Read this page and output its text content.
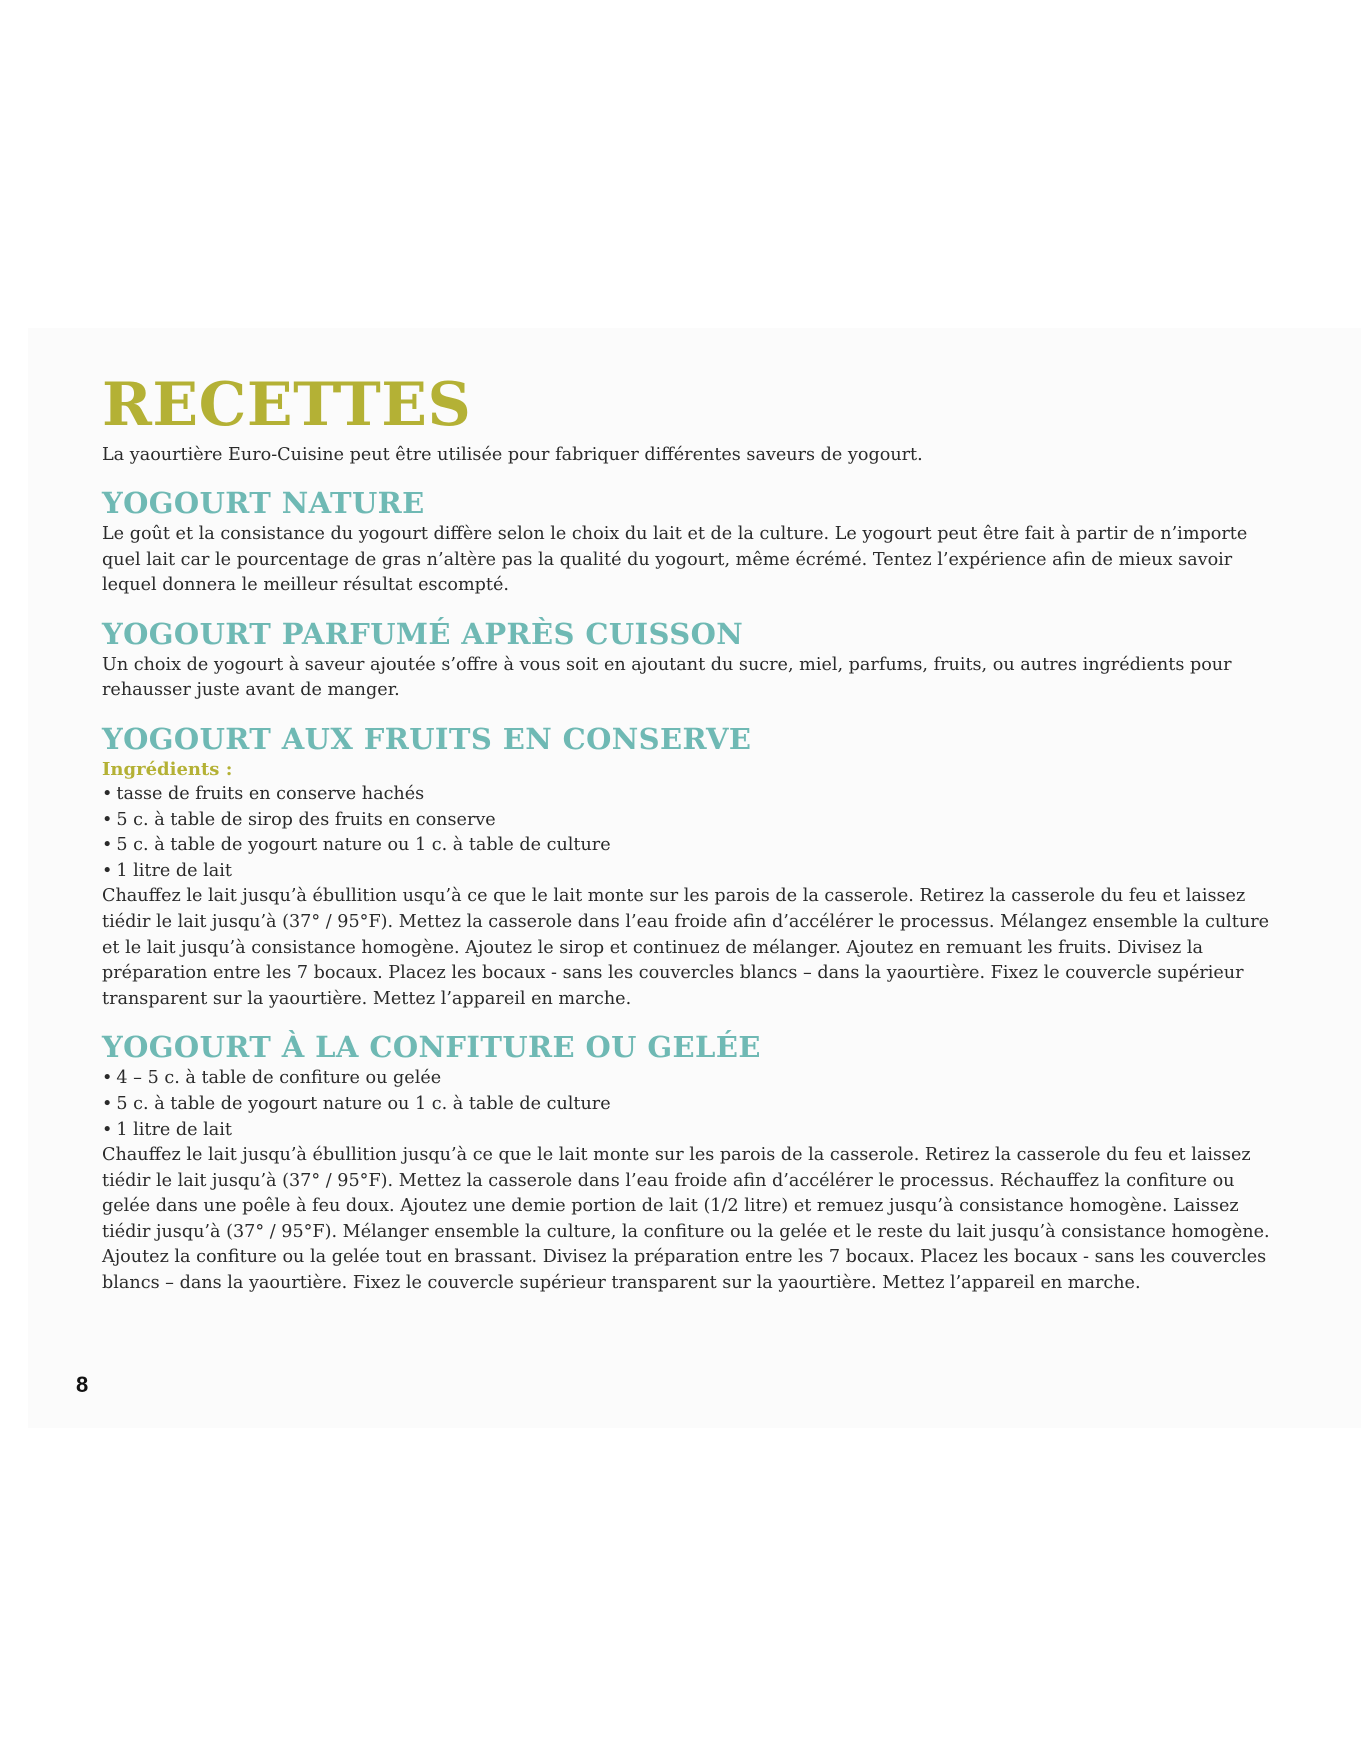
RECETTES

La yaourtière Euro-Cuisine peut être utilisée pour fabriquer différentes saveurs de yogourt.

YOGOURT NATURE

Le goût et la consistance du yogourt diffère selon le choix du lait et de la culture. Le yogourt peut être fait à partir de n’importe quel lait car le pourcentage de gras n’altère pas la qualité du yogourt, même écrémé. Tentez l’expérience afin de mieux savoir lequel donnera le meilleur résultat escompté.

YOGOURT PARFUMÉ APRÈS CUISSON

Un choix de yogourt à saveur ajoutée s’offre à vous soit en ajoutant du sucre, miel, parfums, fruits, ou autres ingrédients pour rehausser juste avant de manger.

YOGOURT AUX FRUITS EN CONSERVE
Ingrédients :
• tasse de fruits en conserve hachés
• 5 c. à table de sirop des fruits en conserve
• 5 c. à table de yogourt nature ou 1 c. à table de culture
• 1 litre de lait

Chauffez le lait jusqu’à ébullition usqu’à ce que le lait monte sur les parois de la casserole. Retirez la casserole du feu et laissez tiédir le lait jusqu’à (37° / 95°F). Mettez la casserole dans l’eau froide afin d’accélérer le processus. Mélangez ensemble la culture et le lait jusqu’à consistance homogène. Ajoutez le sirop et continuez de mélanger. Ajoutez en remuant les fruits. Divisez la préparation entre les 7 bocaux. Placez les bocaux - sans les couvercles blancs – dans la yaourtière. Fixez le couvercle supérieur transparent sur la yaourtière. Mettez l’appareil en marche.

YOGOURT À LA CONFITURE OU GELÉE
• 4 – 5 c. à table de confiture ou gelée
• 5 c. à table de yogourt nature ou 1 c. à table de culture
• 1 litre de lait

Chauffez le lait jusqu’à ébullition jusqu’à ce que le lait monte sur les parois de la casserole. Retirez la casserole du feu et laissez tiédir le lait jusqu’à (37° / 95°F). Mettez la casserole dans l’eau froide afin d’accélérer le processus. Réchauffez la confiture ou gelée dans une poêle à feu doux. Ajoutez une demie portion de lait (1/2 litre) et remuez jusqu’à consistance homogène. Laissez tiédir jusqu’à (37° / 95°F). Mélanger ensemble la culture, la confiture ou la gelée et le reste du lait jusqu’à consistance homogène. Ajoutez la confiture ou la gelée tout en brassant. Divisez la préparation entre les 7 bocaux. Placez les bocaux - sans les couvercles blancs – dans la yaourtière. Fixez le couvercle supérieur transparent sur la yaourtière. Mettez l’appareil en marche.

8
